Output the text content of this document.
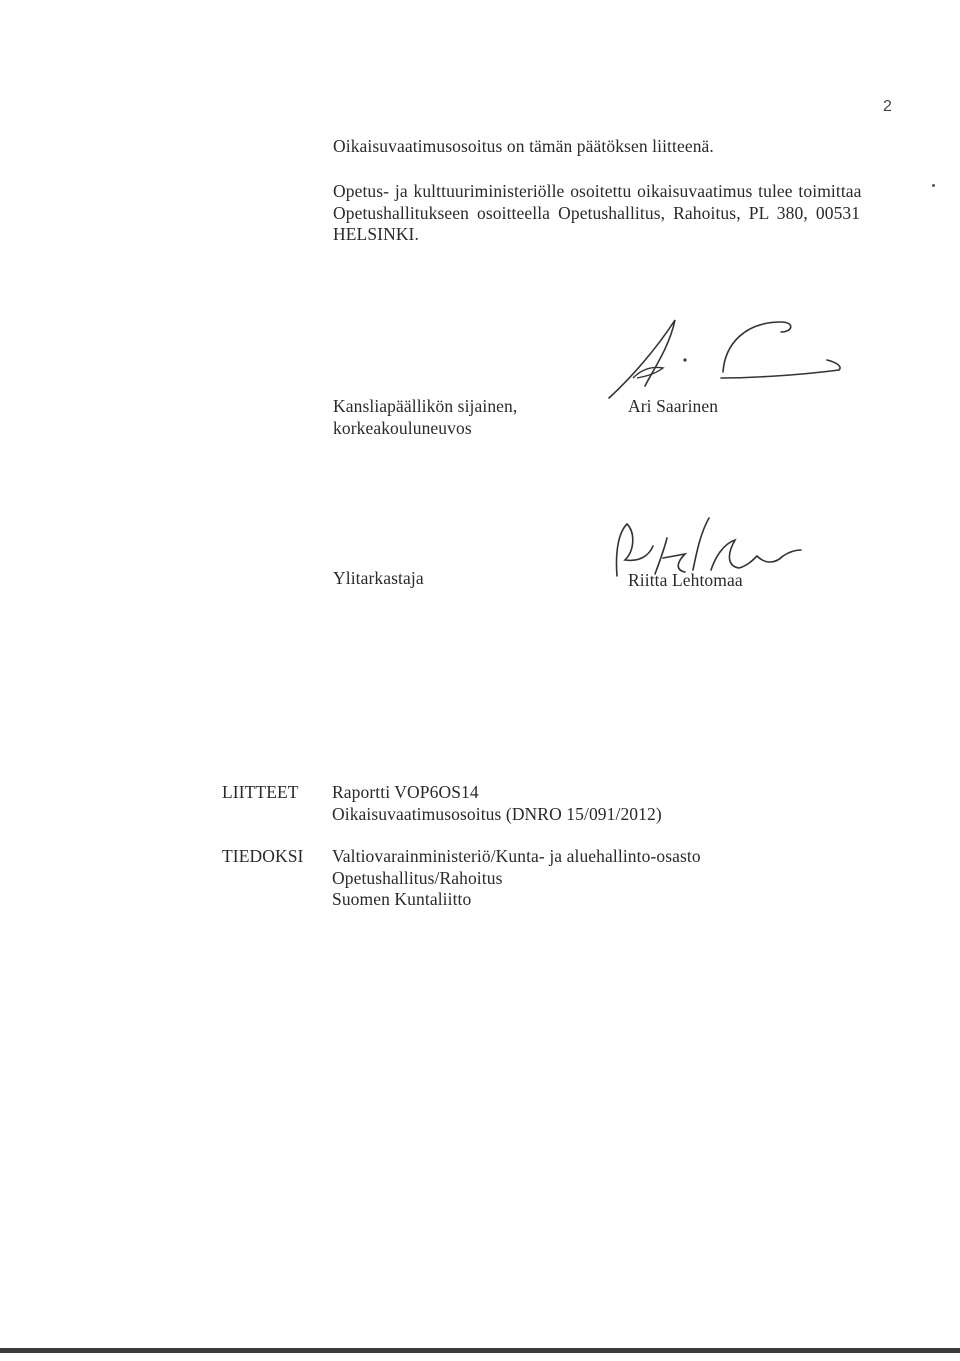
2
Oikaisuvaatimusosoitus on tämän päätöksen liitteenä.
Opetus- ja kulttuuriministeriölle osoitettu oikaisuvaatimus tulee toimittaa
Opetushallitukseen osoitteella Opetushallitus, Rahoitus, PL 380, 00531
HELSINKI.
Kansliapäällikön sijainen,
korkeakouluneuvos
Ari Saarinen
Ylitarkastaja	Riitta Lehtomaa
LIITTEET Raportti VOP6OS14
Oikaisuvaatimusosoitus (DNRO 15/091/2012)
TIEDOKSI Valtiovarainministeriö/Kunta- ja aluehallinto-osasto
Opetushallitus/Rahoitus
Suomen Kuntaliitto
